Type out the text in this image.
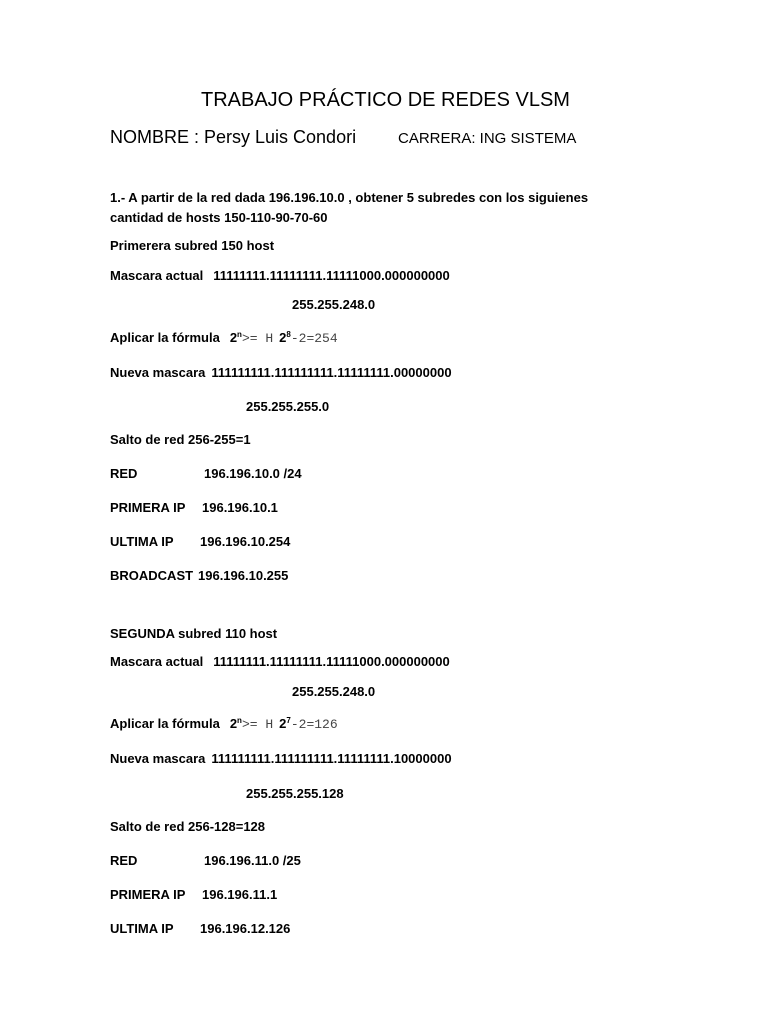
TRABAJO PRÁCTICO DE REDES VLSM
NOMBRE : Persy Luis Condori	CARRERA: ING SISTEMA
1.- A partir de la red dada 196.196.10.0 , obtener 5 subredes con los siguienes
cantidad de hosts 150-110-90-70-60
Primerera subred 150 host
Mascara actual 11111111.11111111.11111000.000000000
255.255.248.0
Aplicar la fórmula $2^n>= H$ $2^8-2=254$
Nueva mascara 111111111.111111111.11111111.00000000
255.255.255.0
Salto de red 256-255=1
RED	196.196.10.0 /24
PRIMERA IP 196.196.10.1
ULTIMA IP 196.196.10.254
BROADCAST 196.196.10.255
SEGUNDA subred 110 host
Mascara actual 11111111.11111111.11111000.000000000
255.255.248.0
Aplicar la fórmula $2^n>= H$ $2^7-2=126$
Nueva mascara 111111111.111111111.11111111.10000000
255.255.255.128
Salto de red 256-128=128
RED	196.196.11.0 /25
PRIMERA IP 196.196.11.1
ULTIMA IP 196.196.12.126
